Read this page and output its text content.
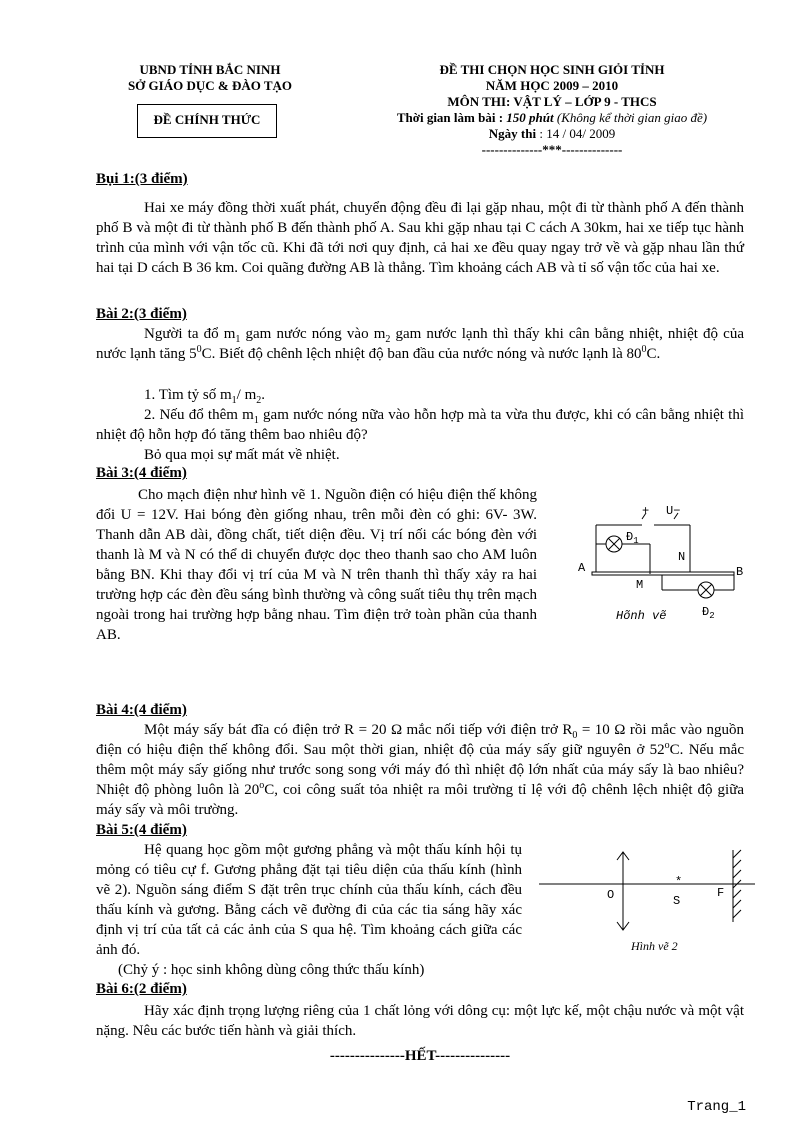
UBND TỈNH BẮC NINH
SỞ GIÁO DỤC & ĐÀO TẠO
ĐỀ CHÍNH THỨC
ĐỀ THI CHỌN HỌC SINH GIỎI TỈNH
NĂM HỌC 2009 – 2010
MÔN THI: VẬT LÝ – LỚP 9 - THCS
Thời gian làm bài : 150 phút (Không kể thời gian giao đề)
Ngày thi : 14 / 04/ 2009
--------------***--------------
Bụi 1:(3 điểm)
Hai xe máy đồng thời xuất phát, chuyển động đều đi lại gặp nhau, một đi từ thành phố A đến thành phố B và một đi từ thành phố B đến thành phố A. Sau khi gặp nhau tại C cách A 30km, hai xe tiếp tục hành trình của mình với vận tốc cũ. Khi đã tới nơi quy định, cả hai xe đều quay ngay trở về và gặp nhau lần thứ hai tại D cách B 36 km. Coi quãng đường AB là thẳng. Tìm khoảng cách AB và tỉ số vận tốc của hai xe.
Bài 2:(3 điểm)
Người ta đổ $m_1$ gam nước nóng vào $m_2$ gam nước lạnh thì thấy khi cân bằng nhiệt, nhiệt độ của nước lạnh tăng $5^0C$. Biết độ chênh lệch nhiệt độ ban đầu của nước nóng và nước lạnh là $80^0C$.
1. Tìm tỷ số $m_1/$ $m_2$.
2. Nếu đổ thêm $m_1$ gam nước nóng nữa vào hỗn hợp mà ta vừa thu được, khi có cân bằng nhiệt thì nhiệt độ hỗn hợp đó tăng thêm bao nhiêu độ?
Bỏ qua mọi sự mất mát về nhiệt.
Bài 3:(4 điểm)
Cho mạch điện như hình vẽ 1. Nguồn điện có hiệu điện thế không đổi U = 12V. Hai bóng đèn giống nhau, trên mỗi đèn có ghi: 6V- 3W. Thanh dẫn AB dài, đồng chất, tiết diện đều. Vị trí nối các bóng đèn với thanh là M và N có thể di chuyển được dọc theo thanh sao cho AM luôn bằng BN. Khi thay đổi vị trí của M và N trên thanh thì thấy xảy ra hai trường hợp các đèn đều sáng bình thường và công suất tiêu thụ trên mạch ngoài trong hai trường hợp bằng nhau. Tìm điện trở toàn phần của thanh AB.
+ U−
$Đ_1$
N
A	B
M
Hõnh vẽ	$Đ_2$
Bài 4:(4 điểm)
Một máy sấy bát đĩa có điện trở R = 20 Ω mắc nối tiếp với điện trở $R_0 = 10$ Ω rồi mắc vào nguồn điện có hiệu điện thế không đổi. Sau một thời gian, nhiệt độ của máy sấy giữ nguyên ở 52$^o$C. Nếu mắc thêm một máy sấy giống như trước song song với máy đó thì nhiệt độ lớn nhất của máy sấy là bao nhiêu? Nhiệt độ phòng luôn là 20$^o$C, coi công suất tỏa nhiệt ra môi trường tỉ lệ với độ chênh lệch nhiệt độ giữa máy sấy và môi trường.
Bài 5:(4 điểm)
Hệ quang học gồm một gương phẳng và một thấu kính hội tụ mỏng có tiêu cự f. Gương phẳng đặt tại tiêu diện của thấu kính (hình vẽ 2). Nguồn sáng điểm S đặt trên trục chính của thấu kính, cách đều thấu kính và gương. Bằng cách vẽ đường đi của các tia sáng hãy xác định vị trí của tất cả các ảnh của S qua hệ. Tìm khoảng cách giữa các ảnh đó.
(Chỷ ý : học sinh không dùng công thức thấu kính)
*
O	S
F
Hình vẽ 2
Bài 6:(2 điểm)
Hãy xác định trọng lượng riêng của 1 chất lỏng với dông cụ: một lực kế, một chậu nước và một vật nặng. Nêu các bước tiến hành và giải thích.
---------------HẾT---------------
Trang_1
